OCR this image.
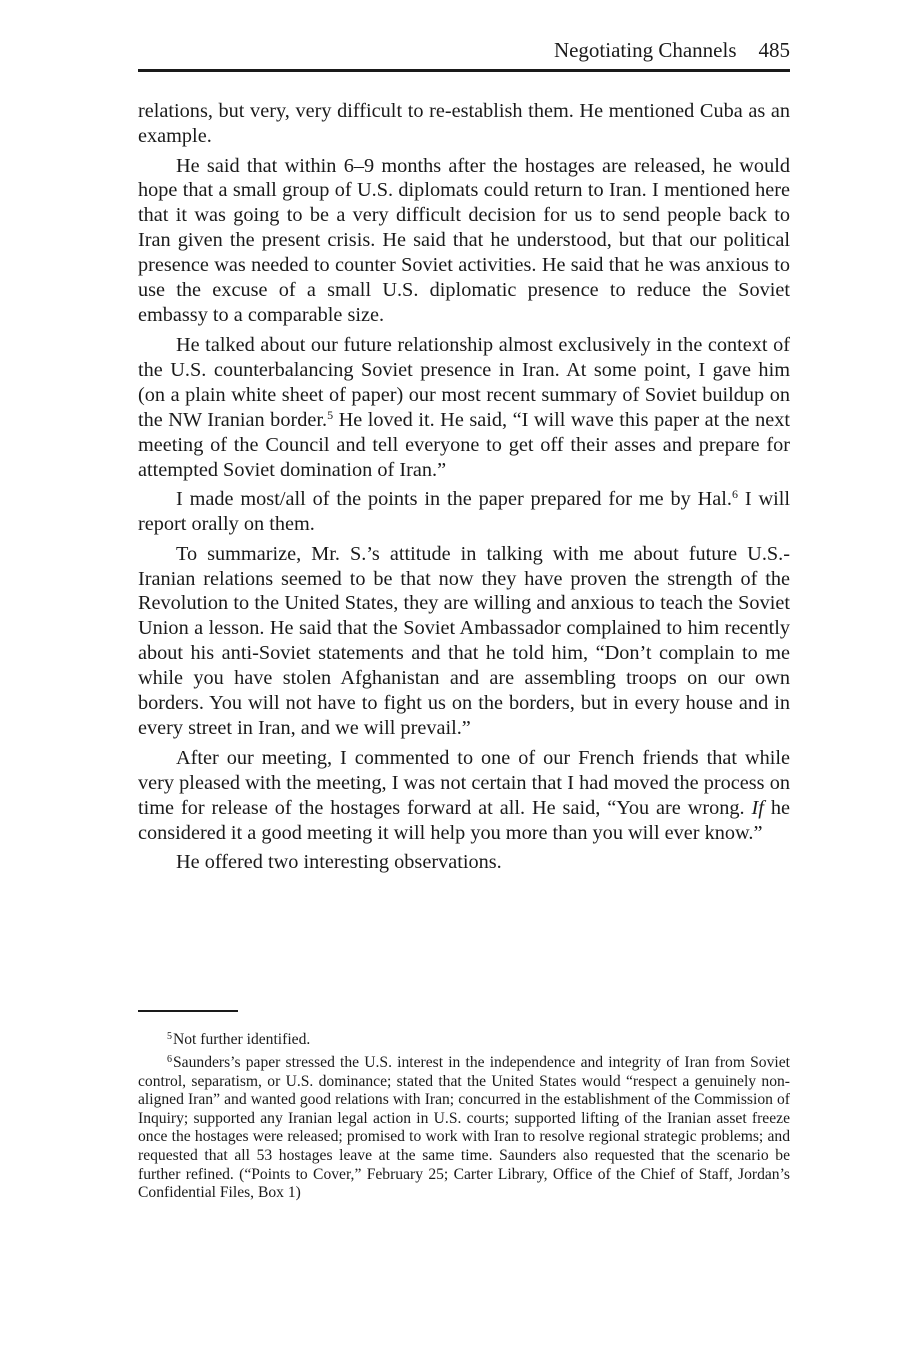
Negotiating Channels 485

relations, but very, very difficult to re-establish them. He mentioned Cuba as an example.

He said that within 6–9 months after the hostages are released, he would hope that a small group of U.S. diplomats could return to Iran. I mentioned here that it was going to be a very difficult decision for us to send people back to Iran given the present crisis. He said that he understood, but that our political presence was needed to counter Soviet activities. He said that he was anxious to use the excuse of a small U.S. diplomatic presence to reduce the Soviet embassy to a comparable size.

He talked about our future relationship almost exclusively in the context of the U.S. counterbalancing Soviet presence in Iran. At some point, I gave him (on a plain white sheet of paper) our most recent summary of Soviet buildup on the NW Iranian border.$^5$ He loved it. He said, “I will wave this paper at the next meeting of the Council and tell everyone to get off their asses and prepare for attempted Soviet domination of Iran.”

I made most/all of the points in the paper prepared for me by Hal.$^6$ I will report orally on them.

To summarize, Mr. S.’s attitude in talking with me about future U.S.-Iranian relations seemed to be that now they have proven the strength of the Revolution to the United States, they are willing and anxious to teach the Soviet Union a lesson. He said that the Soviet Ambassador complained to him recently about his anti-Soviet statements and that he told him, “Don’t complain to me while you have stolen Afghanistan and are assembling troops on our own borders. You will not have to fight us on the borders, but in every house and in every street in Iran, and we will prevail.”

After our meeting, I commented to one of our French friends that while very pleased with the meeting, I was not certain that I had moved the process on time for release of the hostages forward at all. He said, “You are wrong. If he considered it a good meeting it will help you more than you will ever know.”

He offered two interesting observations.

$^5$Not further identified.

$^6$Saunders’s paper stressed the U.S. interest in the independence and integrity of Iran from Soviet control, separatism, or U.S. dominance; stated that the United States would “respect a genuinely non-aligned Iran” and wanted good relations with Iran; concurred in the establishment of the Commission of Inquiry; supported any Iranian legal action in U.S. courts; supported lifting of the Iranian asset freeze once the hostages were released; promised to work with Iran to resolve regional strategic problems; and requested that all 53 hostages leave at the same time. Saunders also requested that the scenario be further refined. (“Points to Cover,” February 25; Carter Library, Office of the Chief of Staff, Jordan’s Confidential Files, Box 1)
